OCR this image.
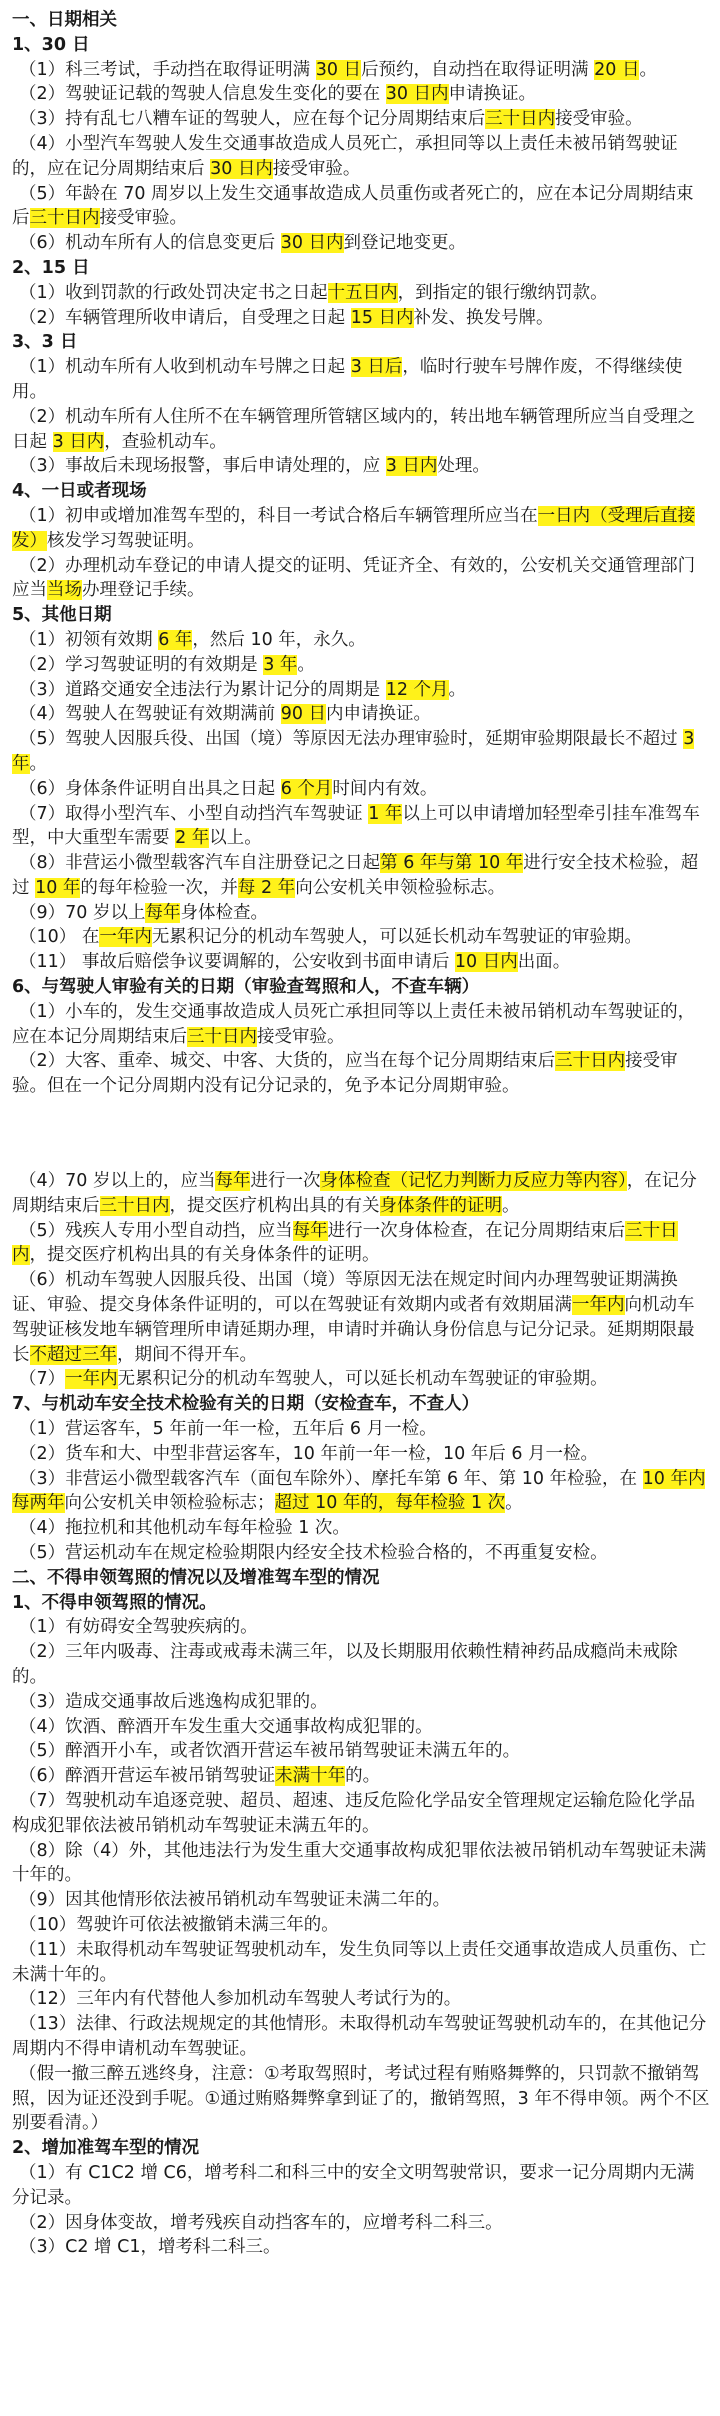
一、日期相关
1、30 日
（1）科三考试，手动挡在取得证明满 30 日后预约，自动挡在取得证明满 20 日。
（2）驾驶证记载的驾驶人信息发生变化的要在 30 日内申请换证。
（3）持有乱七八糟车证的驾驶人，应在每个记分周期结束后三十日内接受审验。
（4）小型汽车驾驶人发生交通事故造成人员死亡，承担同等以上责任未被吊销驾驶证的，应在记分周期结束后 30 日内接受审验。
（5）年龄在 70 周岁以上发生交通事故造成人员重伤或者死亡的，应在本记分周期结束后三十日内接受审验。
（6）机动车所有人的信息变更后 30 日内到登记地变更。
2、15 日
（1）收到罚款的行政处罚决定书之日起十五日内，到指定的银行缴纳罚款。
（2）车辆管理所收申请后，自受理之日起 15 日内补发、换发号牌。
3、3 日
（1）机动车所有人收到机动车号牌之日起 3 日后，临时行驶车号牌作废，不得继续使用。
（2）机动车所有人住所不在车辆管理所管辖区域内的，转出地车辆管理所应当自受理之日起 3 日内，查验机动车。
（3）事故后未现场报警，事后申请处理的，应 3 日内处理。
4、一日或者现场
（1）初申或增加准驾车型的，科目一考试合格后车辆管理所应当在一日内（受理后直接发）核发学习驾驶证明。
（2）办理机动车登记的申请人提交的证明、凭证齐全、有效的，公安机关交通管理部门应当当场办理登记手续。
5、其他日期
（1）初领有效期 6 年，然后 10 年，永久。
（2）学习驾驶证明的有效期是 3 年。
（3）道路交通安全违法行为累计记分的周期是 12 个月。
（4）驾驶人在驾驶证有效期满前 90 日内申请换证。
（5）驾驶人因服兵役、出国（境）等原因无法办理审验时，延期审验期限最长不超过 3 年。
（6）身体条件证明自出具之日起 6 个月时间内有效。
（7）取得小型汽车、小型自动挡汽车驾驶证 1 年以上可以申请增加轻型牵引挂车准驾车型，中大重型车需要 2 年以上。
（8）非营运小微型载客汽车自注册登记之日起第 6 年与第 10 年进行安全技术检验，超过 10 年的每年检验一次，并每 2 年向公安机关申领检验标志。
（9）70 岁以上每年身体检查。
（10） 在一年内无累积记分的机动车驾驶人，可以延长机动车驾驶证的审验期。
（11） 事故后赔偿争议要调解的，公安收到书面申请后 10 日内出面。
6、与驾驶人审验有关的日期（审验查驾照和人，不查车辆）
（1）小车的，发生交通事故造成人员死亡承担同等以上责任未被吊销机动车驾驶证的，应在本记分周期结束后三十日内接受审验。
（2）大客、重牵、城交、中客、大货的，应当在每个记分周期结束后三十日内接受审验。但在一个记分周期内没有记分记录的，免予本记分周期审验。
（4）70 岁以上的，应当每年进行一次身体检查（记忆力判断力反应力等内容），在记分周期结束后三十日内，提交医疗机构出具的有关身体条件的证明。
（5）残疾人专用小型自动挡，应当每年进行一次身体检查，在记分周期结束后三十日内，提交医疗机构出具的有关身体条件的证明。
（6）机动车驾驶人因服兵役、出国（境）等原因无法在规定时间内办理驾驶证期满换证、审验、提交身体条件证明的，可以在驾驶证有效期内或者有效期届满一年内向机动车驾驶证核发地车辆管理所申请延期办理，申请时并确认身份信息与记分记录。延期期限最长不超过三年，期间不得开车。
（7）一年内无累积记分的机动车驾驶人，可以延长机动车驾驶证的审验期。
7、与机动车安全技术检验有关的日期（安检查车，不查人）
（1）营运客车，5 年前一年一检，五年后 6 月一检。
（2）货车和大、中型非营运客车，10 年前一年一检，10 年后 6 月一检。
（3）非营运小微型载客汽车（面包车除外）、摩托车第 6 年、第 10 年检验，在 10 年内每两年向公安机关申领检验标志；超过 10 年的，每年检验 1 次。
（4）拖拉机和其他机动车每年检验 1 次。
（5）营运机动车在规定检验期限内经安全技术检验合格的，不再重复安检。
二、不得申领驾照的情况以及增准驾车型的情况
1、不得申领驾照的情况。
（1）有妨碍安全驾驶疾病的。
（2）三年内吸毒、注毒或戒毒未满三年，以及长期服用依赖性精神药品成瘾尚未戒除的。
（3）造成交通事故后逃逸构成犯罪的。
（4）饮酒、醉酒开车发生重大交通事故构成犯罪的。
（5）醉酒开小车，或者饮酒开营运车被吊销驾驶证未满五年的。
（6）醉酒开营运车被吊销驾驶证未满十年的。
（7）驾驶机动车追逐竞驶、超员、超速、违反危险化学品安全管理规定运输危险化学品构成犯罪依法被吊销机动车驾驶证未满五年的。
（8）除（4）外，其他违法行为发生重大交通事故构成犯罪依法被吊销机动车驾驶证未满十年的。
（9）因其他情形依法被吊销机动车驾驶证未满二年的。
（10）驾驶许可依法被撤销未满三年的。
（11）未取得机动车驾驶证驾驶机动车，发生负同等以上责任交通事故造成人员重伤、亡未满十年的。
（12）三年内有代替他人参加机动车驾驶人考试行为的。
（13）法律、行政法规规定的其他情形。未取得机动车驾驶证驾驶机动车的，在其他记分周期内不得申请机动车驾驶证。
（假一撤三醉五逃终身，注意：①考取驾照时，考试过程有贿赂舞弊的，只罚款不撤销驾照，因为证还没到手呢。①通过贿赂舞弊拿到证了的，撤销驾照，3 年不得申领。两个不区别要看清。）
2、增加准驾车型的情况
（1）有 C1C2 增 C6，增考科二和科三中的安全文明驾驶常识，要求一记分周期内无满分记录。
（2）因身体变故，增考残疾自动挡客车的，应增考科二科三。
（3）C2 增 C1，增考科二科三。
